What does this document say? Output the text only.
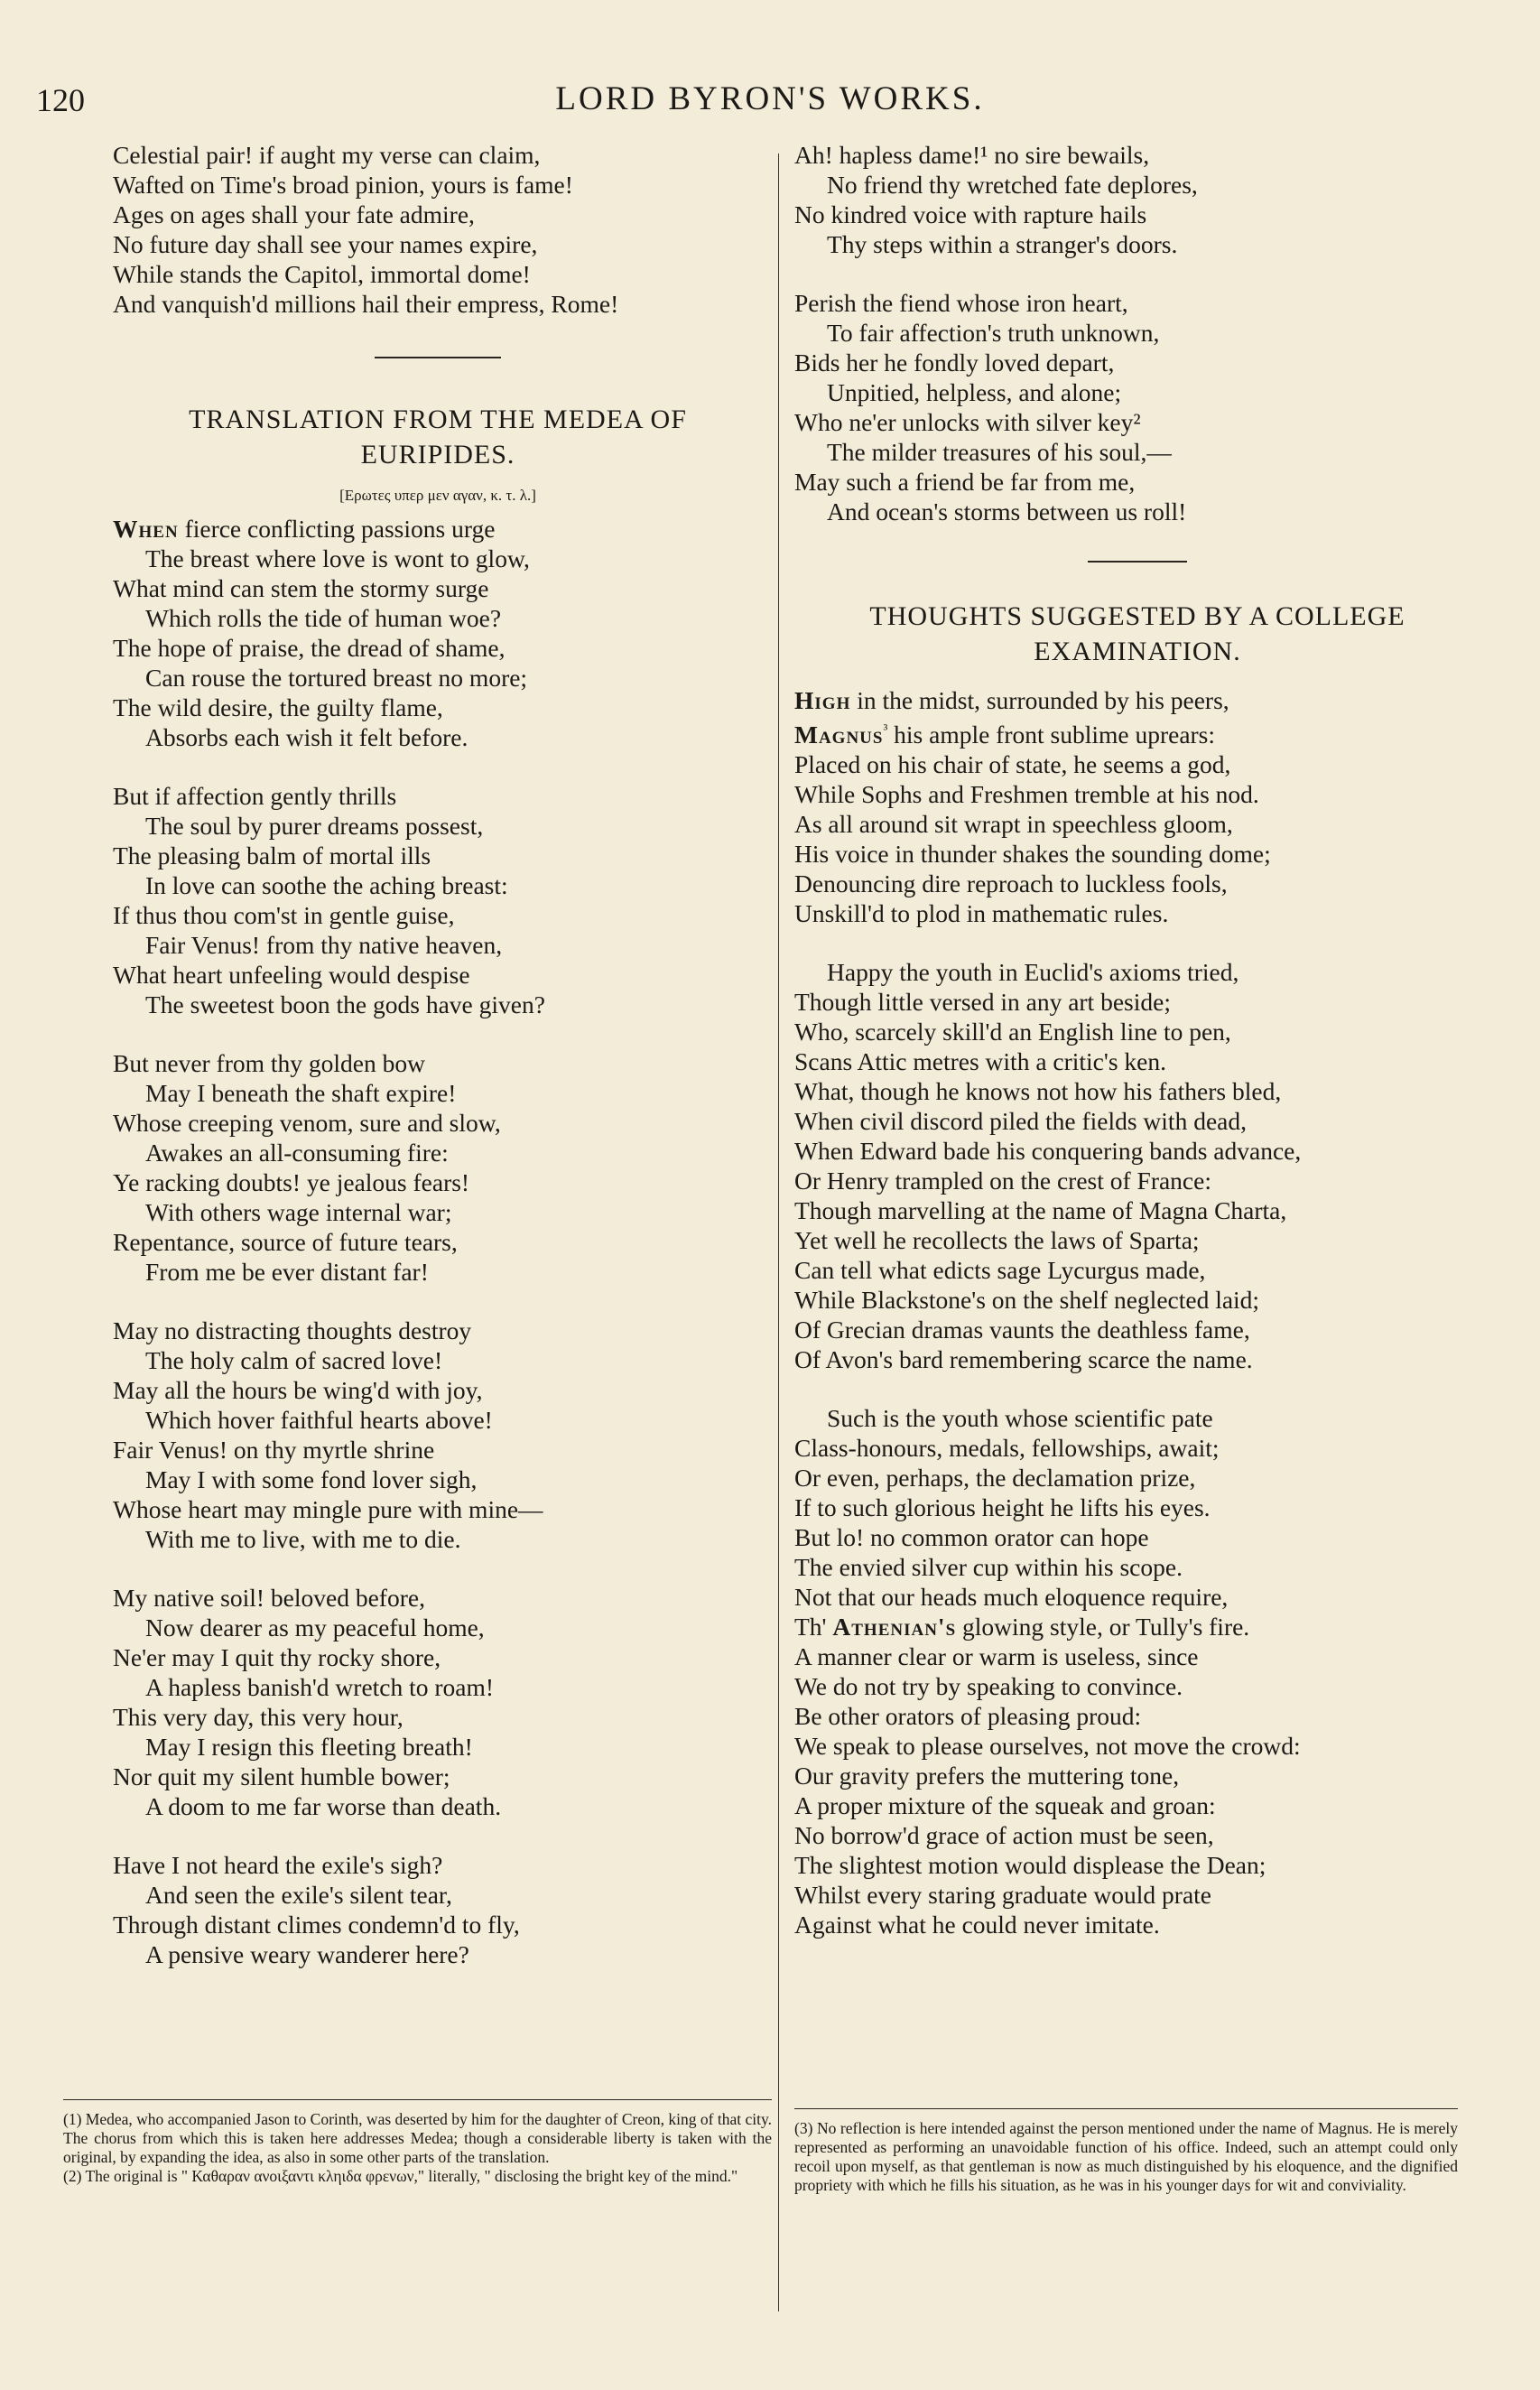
120	LORD BYRON'S WORKS.
Celestial pair! if aught my verse can claim,
Wafted on Time's broad pinion, yours is fame!
Ages on ages shall your fate admire,
No future day shall see your names expire,
While stands the Capitol, immortal dome!
And vanquish'd millions hail their empress, Rome!
TRANSLATION FROM THE MEDEA OF
EURIPIDES.
[Ερωτες υπερ μεν αγαν, κ. τ. λ.]
When fierce conflicting passions urge
The breast where love is wont to glow,
What mind can stem the stormy surge
Which rolls the tide of human woe?
The hope of praise, the dread of shame,
Can rouse the tortured breast no more;
The wild desire, the guilty flame,
Absorbs each wish it felt before.
But if affection gently thrills
The soul by purer dreams possest,
The pleasing balm of mortal ills
In love can soothe the aching breast:
If thus thou com'st in gentle guise,
Fair Venus! from thy native heaven,
What heart unfeeling would despise
The sweetest boon the gods have given?
But never from thy golden bow
May I beneath the shaft expire!
Whose creeping venom, sure and slow,
Awakes an all-consuming fire:
Ye racking doubts! ye jealous fears!
With others wage internal war;
Repentance, source of future tears,
From me be ever distant far!
May no distracting thoughts destroy
The holy calm of sacred love!
May all the hours be wing'd with joy,
Which hover faithful hearts above!
Fair Venus! on thy myrtle shrine
May I with some fond lover sigh,
Whose heart may mingle pure with mine—
With me to live, with me to die.
My native soil! beloved before,
Now dearer as my peaceful home,
Ne'er may I quit thy rocky shore,
A hapless banish'd wretch to roam!
This very day, this very hour,
May I resign this fleeting breath!
Nor quit my silent humble bower;
A doom to me far worse than death.
Have I not heard the exile's sigh?
And seen the exile's silent tear,
Through distant climes condemn'd to fly,
A pensive weary wanderer here?
(1) Medea, who accompanied Jason to Corinth, was deserted by him for the daughter of Creon, king of that city. The chorus from which this is taken here addresses Medea; though a considerable liberty is taken with the original, by expanding the idea, as also in some other parts of the translation.
(2) The original is " Καθαραν ανοιξαντι κληιδα φρενων," literally, " disclosing the bright key of the mind."
Ah! hapless dame!¹ no sire bewails,
No friend thy wretched fate deplores,
No kindred voice with rapture hails
Thy steps within a stranger's doors.
Perish the fiend whose iron heart,
To fair affection's truth unknown,
Bids her he fondly loved depart,
Unpitied, helpless, and alone;
Who ne'er unlocks with silver key²
The milder treasures of his soul,—
May such a friend be far from me,
And ocean's storms between us roll!
THOUGHTS SUGGESTED BY A COLLEGE
EXAMINATION.
High in the midst, surrounded by his peers,
Magnus$^{^3}$ his ample front sublime uprears:
Placed on his chair of state, he seems a god,
While Sophs and Freshmen tremble at his nod.
As all around sit wrapt in speechless gloom,
His voice in thunder shakes the sounding dome;
Denouncing dire reproach to luckless fools,
Unskill'd to plod in mathematic rules.
Happy the youth in Euclid's axioms tried,
Though little versed in any art beside;
Who, scarcely skill'd an English line to pen,
Scans Attic metres with a critic's ken.
What, though he knows not how his fathers bled,
When civil discord piled the fields with dead,
When Edward bade his conquering bands advance,
Or Henry trampled on the crest of France:
Though marvelling at the name of Magna Charta,
Yet well he recollects the laws of Sparta;
Can tell what edicts sage Lycurgus made,
While Blackstone's on the shelf neglected laid;
Of Grecian dramas vaunts the deathless fame,
Of Avon's bard remembering scarce the name.
Such is the youth whose scientific pate
Class-honours, medals, fellowships, await;
Or even, perhaps, the declamation prize,
If to such glorious height he lifts his eyes.
But lo! no common orator can hope
The envied silver cup within his scope.
Not that our heads much eloquence require,
Th' Athenian's glowing style, or Tully's fire.
A manner clear or warm is useless, since
We do not try by speaking to convince.
Be other orators of pleasing proud:
We speak to please ourselves, not move the crowd:
Our gravity prefers the muttering tone,
A proper mixture of the squeak and groan:
No borrow'd grace of action must be seen,
The slightest motion would displease the Dean;
Whilst every staring graduate would prate
Against what he could never imitate.
(3) No reflection is here intended against the person mentioned under the name of Magnus. He is merely represented as performing an unavoidable function of his office. Indeed, such an attempt could only recoil upon myself, as that gentleman is now as much distinguished by his eloquence, and the dignified propriety with which he fills his situation, as he was in his younger days for wit and conviviality.
